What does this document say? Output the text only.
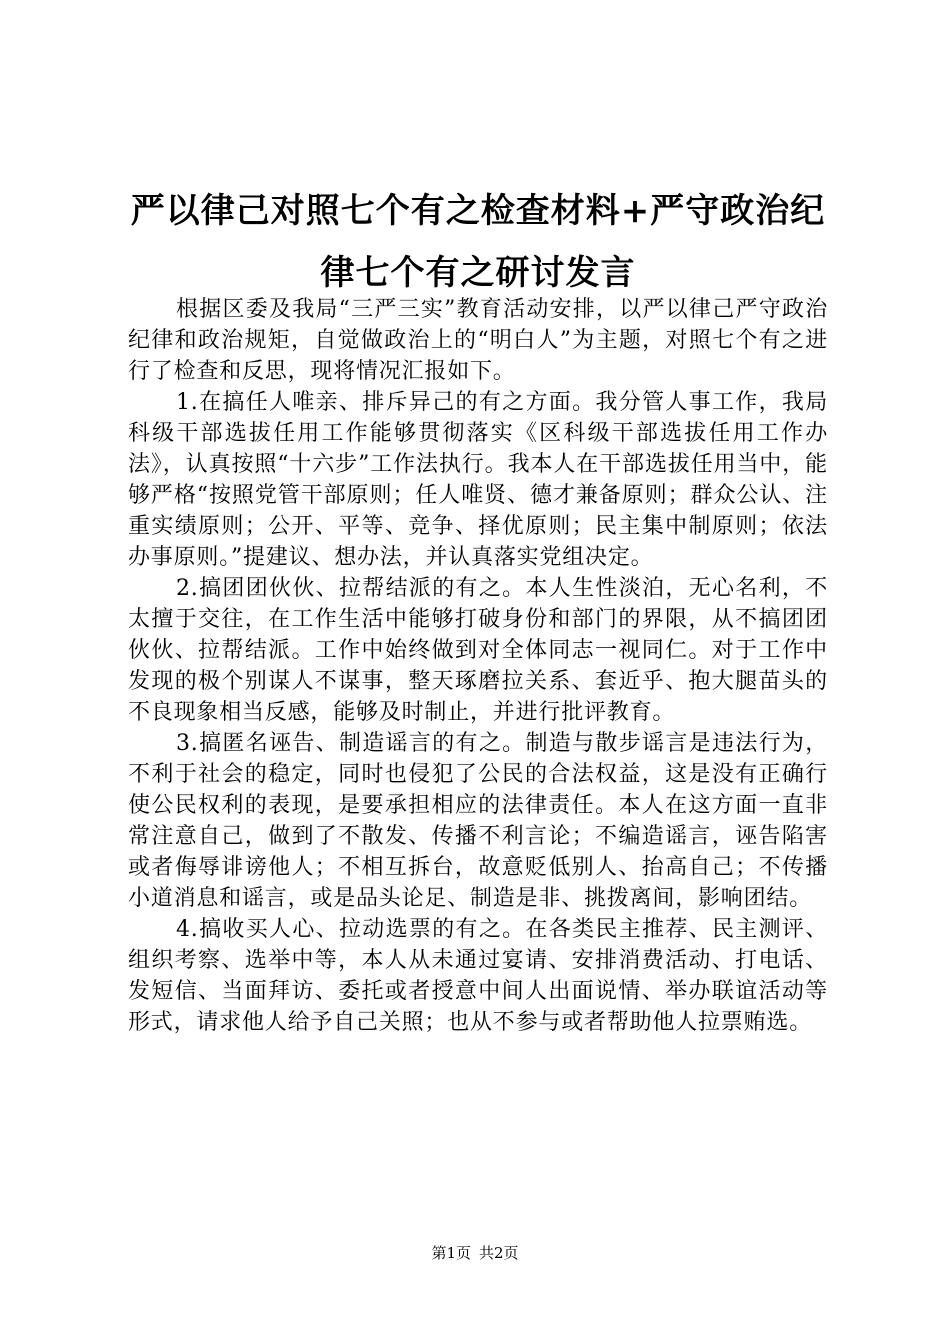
严以律己对照七个有之检查材料+严守政治纪
律七个有之研讨发言

根据区委及我局“三严三实”教育活动安排，以严以律己严守政治纪律和政治规矩，自觉做政治上的“明白人”为主题，对照七个有之进行了检查和反思，现将情况汇报如下。

1.在搞任人唯亲、排斥异己的有之方面。我分管人事工作，我局科级干部选拔任用工作能够贯彻落实《区科级干部选拔任用工作办法》，认真按照“十六步”工作法执行。我本人在干部选拔任用当中，能够严格“按照党管干部原则；任人唯贤、德才兼备原则；群众公认、注重实绩原则；公开、平等、竞争、择优原则；民主集中制原则；依法办事原则。”提建议、想办法，并认真落实党组决定。

2.搞团团伙伙、拉帮结派的有之。本人生性淡泊，无心名利，不太擅于交往，在工作生活中能够打破身份和部门的界限，从不搞团团伙伙、拉帮结派。工作中始终做到对全体同志一视同仁。对于工作中发现的极个别谋人不谋事，整天琢磨拉关系、套近乎、抱大腿苗头的不良现象相当反感，能够及时制止，并进行批评教育。

3.搞匿名诬告、制造谣言的有之。制造与散步谣言是违法行为，不利于社会的稳定，同时也侵犯了公民的合法权益，这是没有正确行使公民权利的表现，是要承担相应的法律责任。本人在这方面一直非常注意自己，做到了不散发、传播不利言论；不编造谣言，诬告陷害或者侮辱诽谤他人；不相互拆台，故意贬低别人、抬高自己；不传播小道消息和谣言，或是品头论足、制造是非、挑拨离间，影响团结。

4.搞收买人心、拉动选票的有之。在各类民主推荐、民主测评、组织考察、选举中等，本人从未通过宴请、安排消费活动、打电话、发短信、当面拜访、委托或者授意中间人出面说情、举办联谊活动等形式，请求他人给予自己关照；也从不参与或者帮助他人拉票贿选。

第1页 共2页
